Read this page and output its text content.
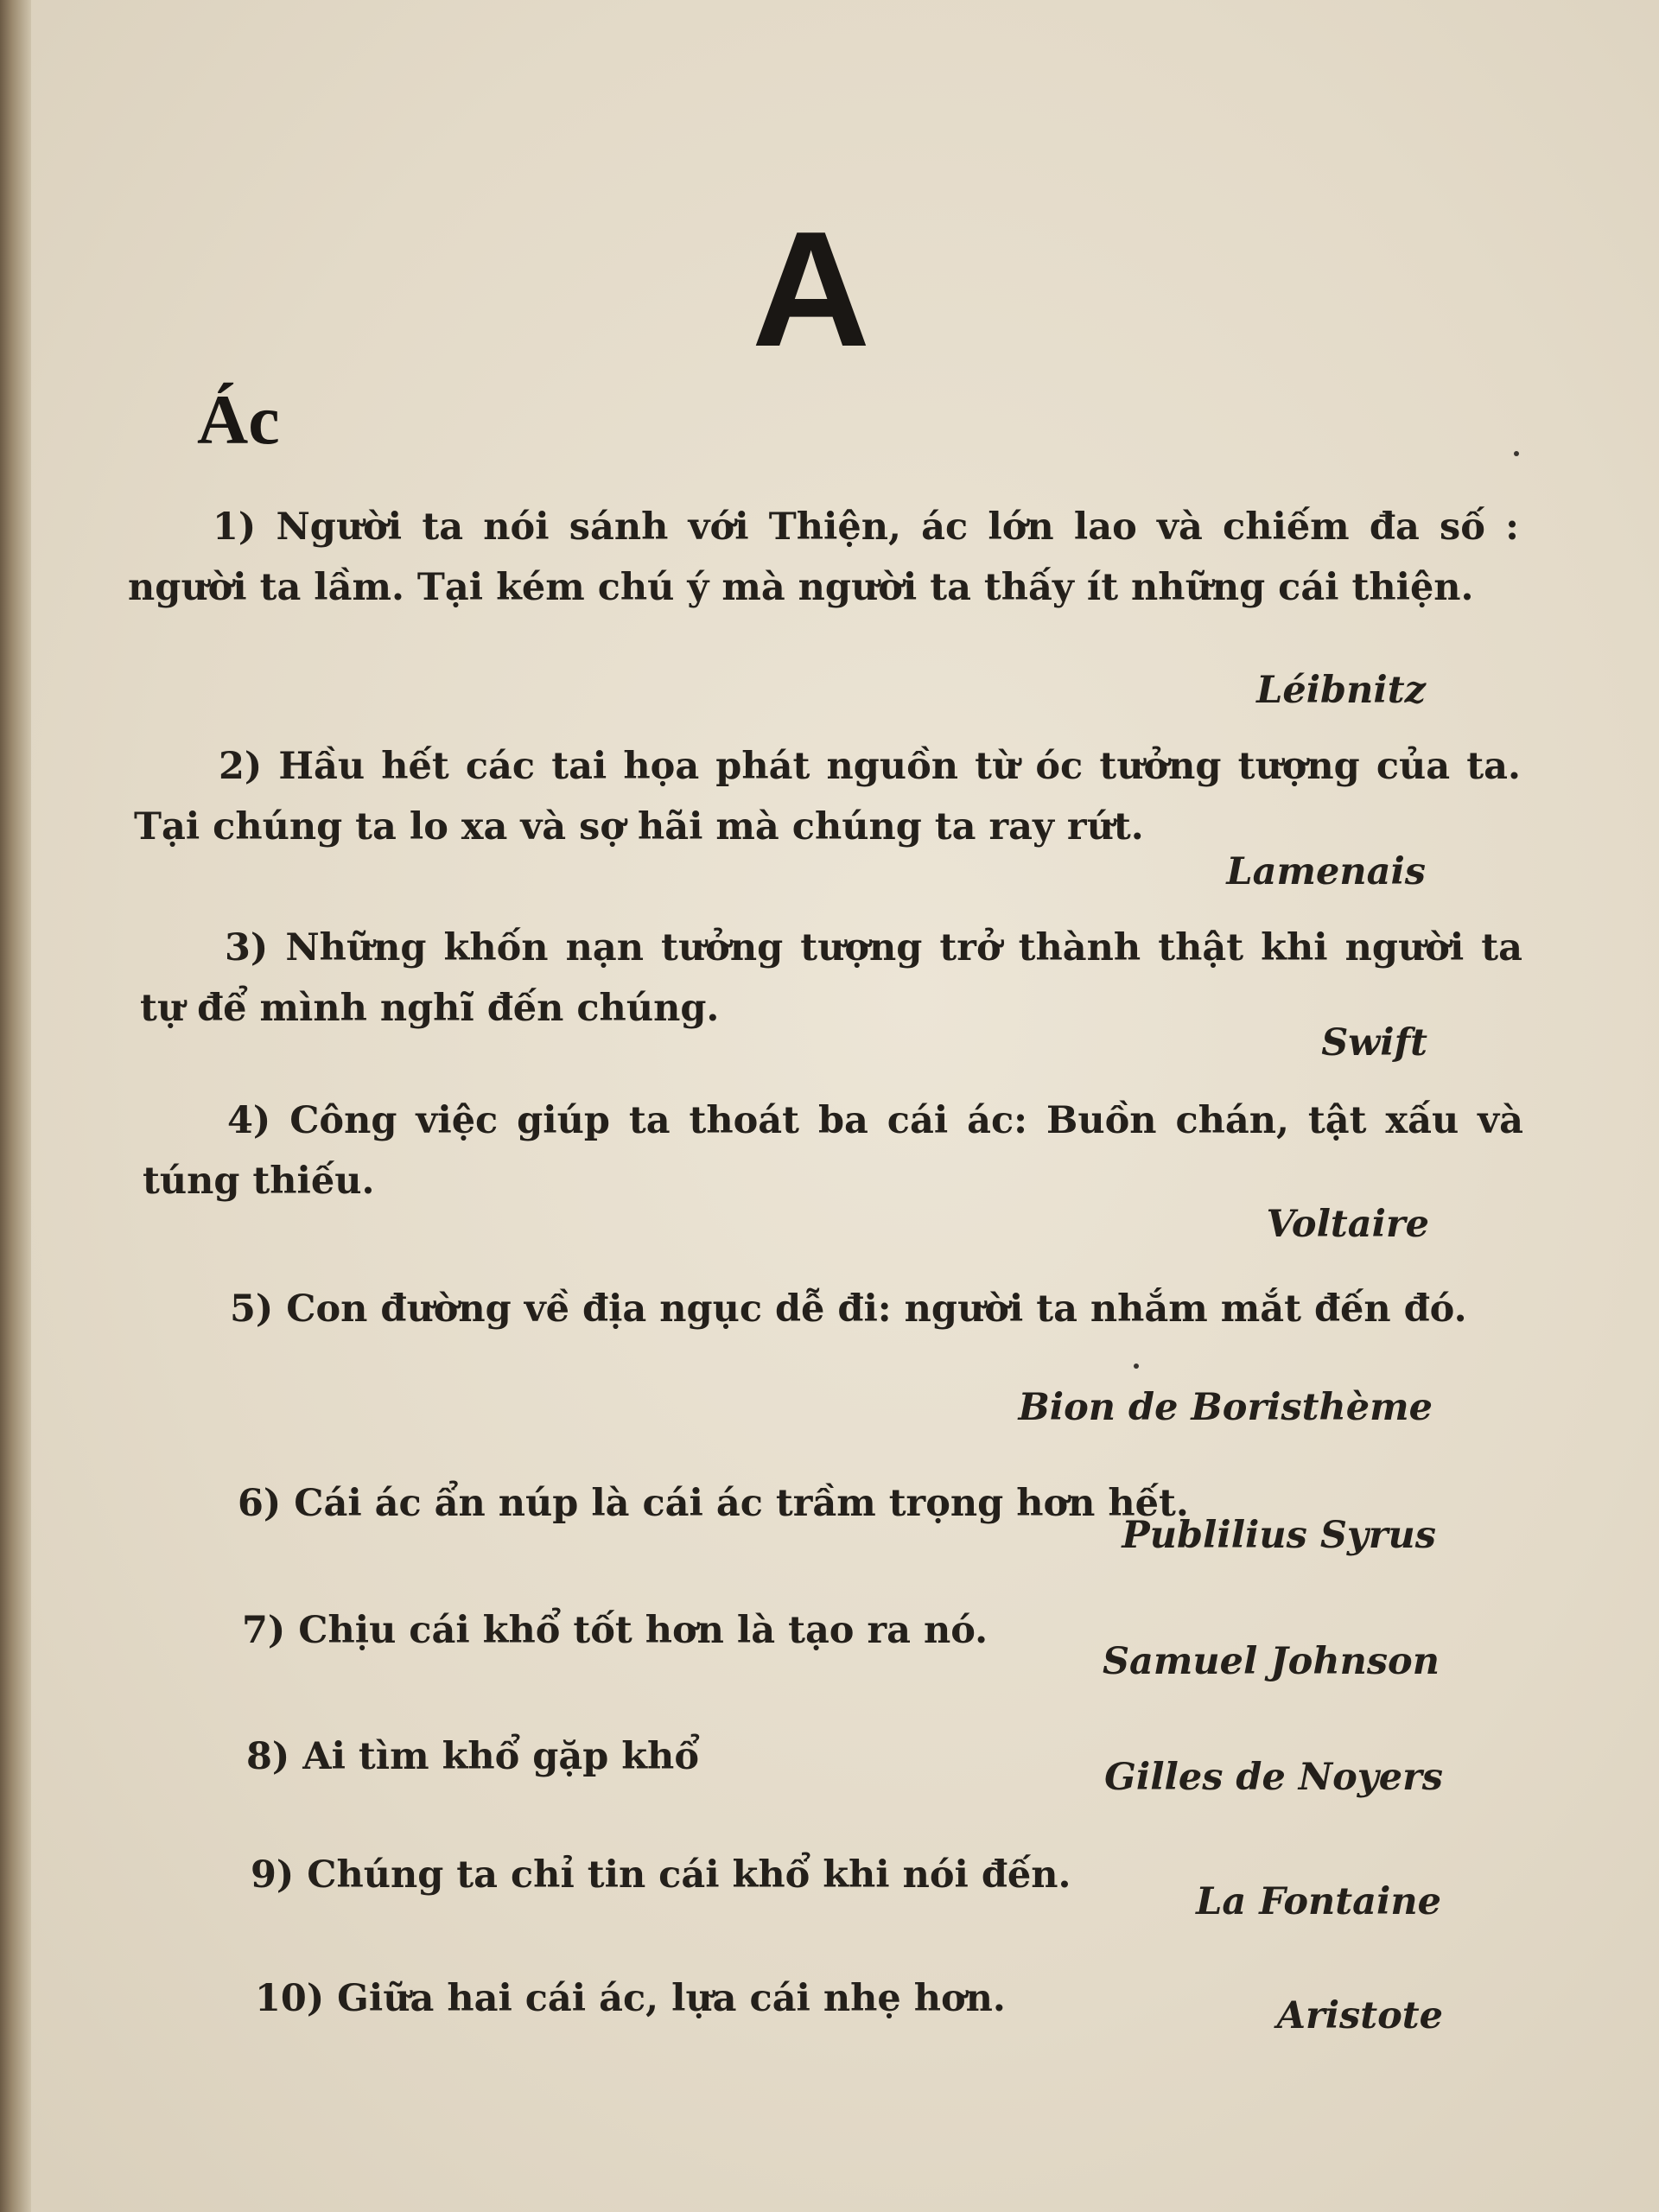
A
Ác
1) Người ta nói sánh với Thiện, ác lớn lao và chiếm đa số : người ta lầm. Tại kém chú ý mà người ta thấy ít những cái thiện.
Léibnitz
2) Hầu hết các tai họa phát nguồn từ óc tưởng tượng của ta. Tại chúng ta lo xa và sợ hãi mà chúng ta ray rứt.
Lamenais
3) Những khốn nạn tưởng tượng trở thành thật khi người ta tự để mình nghĩ đến chúng.
Swift
4) Công việc giúp ta thoát ba cái ác: Buồn chán, tật xấu và túng thiếu.
Voltaire
5) Con đường về địa ngục dễ đi: người ta nhắm mắt đến đó.
Bion de Boristhème
6) Cái ác ẩn núp là cái ác trầm trọng hơn hết.
Publilius Syrus
7) Chịu cái khổ tốt hơn là tạo ra nó.
Samuel Johnson
8) Ai tìm khổ gặp khổ	Gilles de Noyers
9) Chúng ta chỉ tin cái khổ khi nói đến.
La Fontaine
10) Giữa hai cái ác, lựa cái nhẹ hơn.	Aristote
